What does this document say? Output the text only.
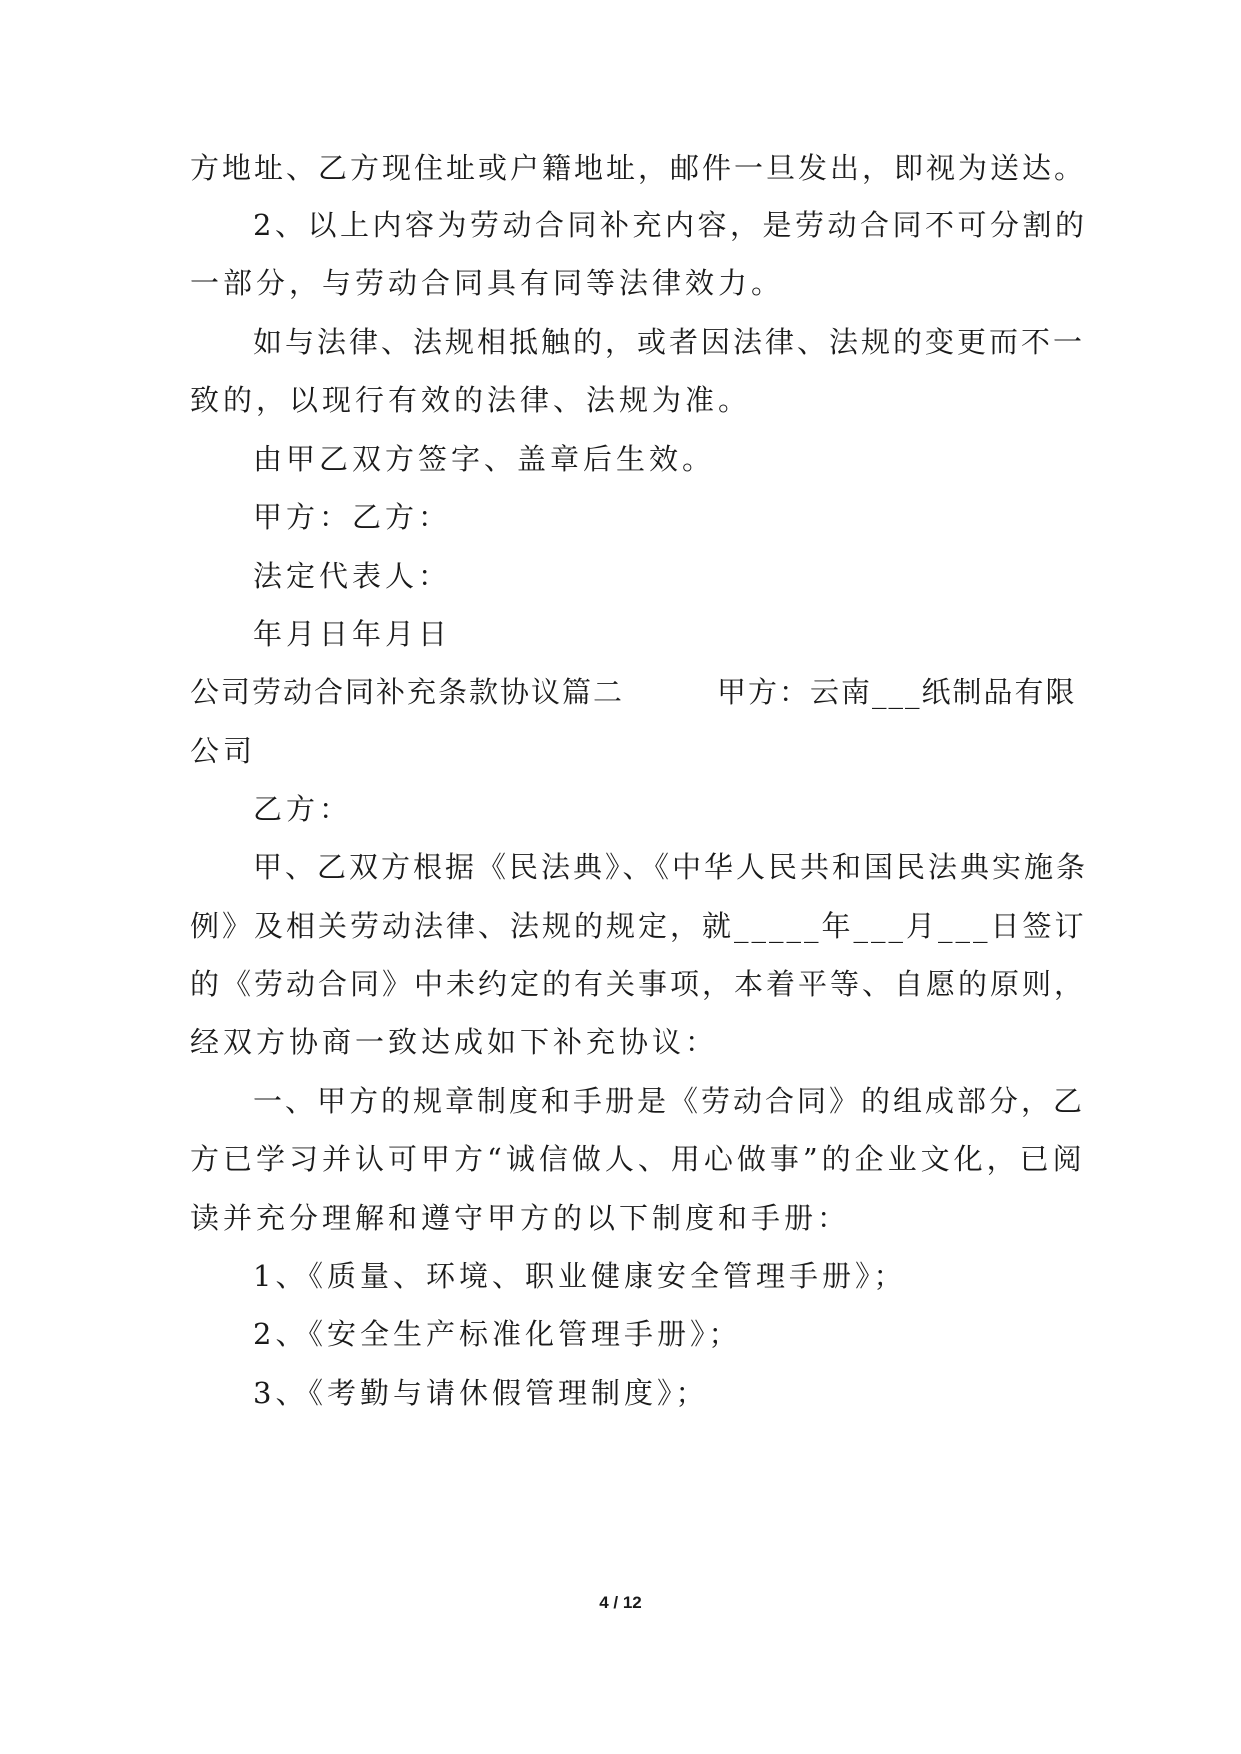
方地址、乙方现住址或户籍地址，邮件一旦发出，即视为送达。
2、以上内容为劳动合同补充内容，是劳动合同不可分割的
一部分，与劳动合同具有同等法律效力。
如与法律、法规相抵触的，或者因法律、法规的变更而不一
致的，以现行有效的法律、法规为准。
由甲乙双方签字、盖章后生效。
甲方：乙方：
法定代表人：
年月日年月日
公司劳动合同补充条款协议篇二　　　甲方：云南___纸制品有限
公司
乙方：
甲、乙双方根据《民法典》、《中华人民共和国民法典实施条
例》及相关劳动法律、法规的规定，就_____年___月___日签订
的《劳动合同》中未约定的有关事项，本着平等、自愿的原则，
经双方协商一致达成如下补充协议：
一、甲方的规章制度和手册是《劳动合同》的组成部分，乙
方已学习并认可甲方“诚信做人、用心做事”的企业文化，已阅
读并充分理解和遵守甲方的以下制度和手册：
1、《质量、环境、职业健康安全管理手册》；
2、《安全生产标准化管理手册》；
3、《考勤与请休假管理制度》；
4 / 12
